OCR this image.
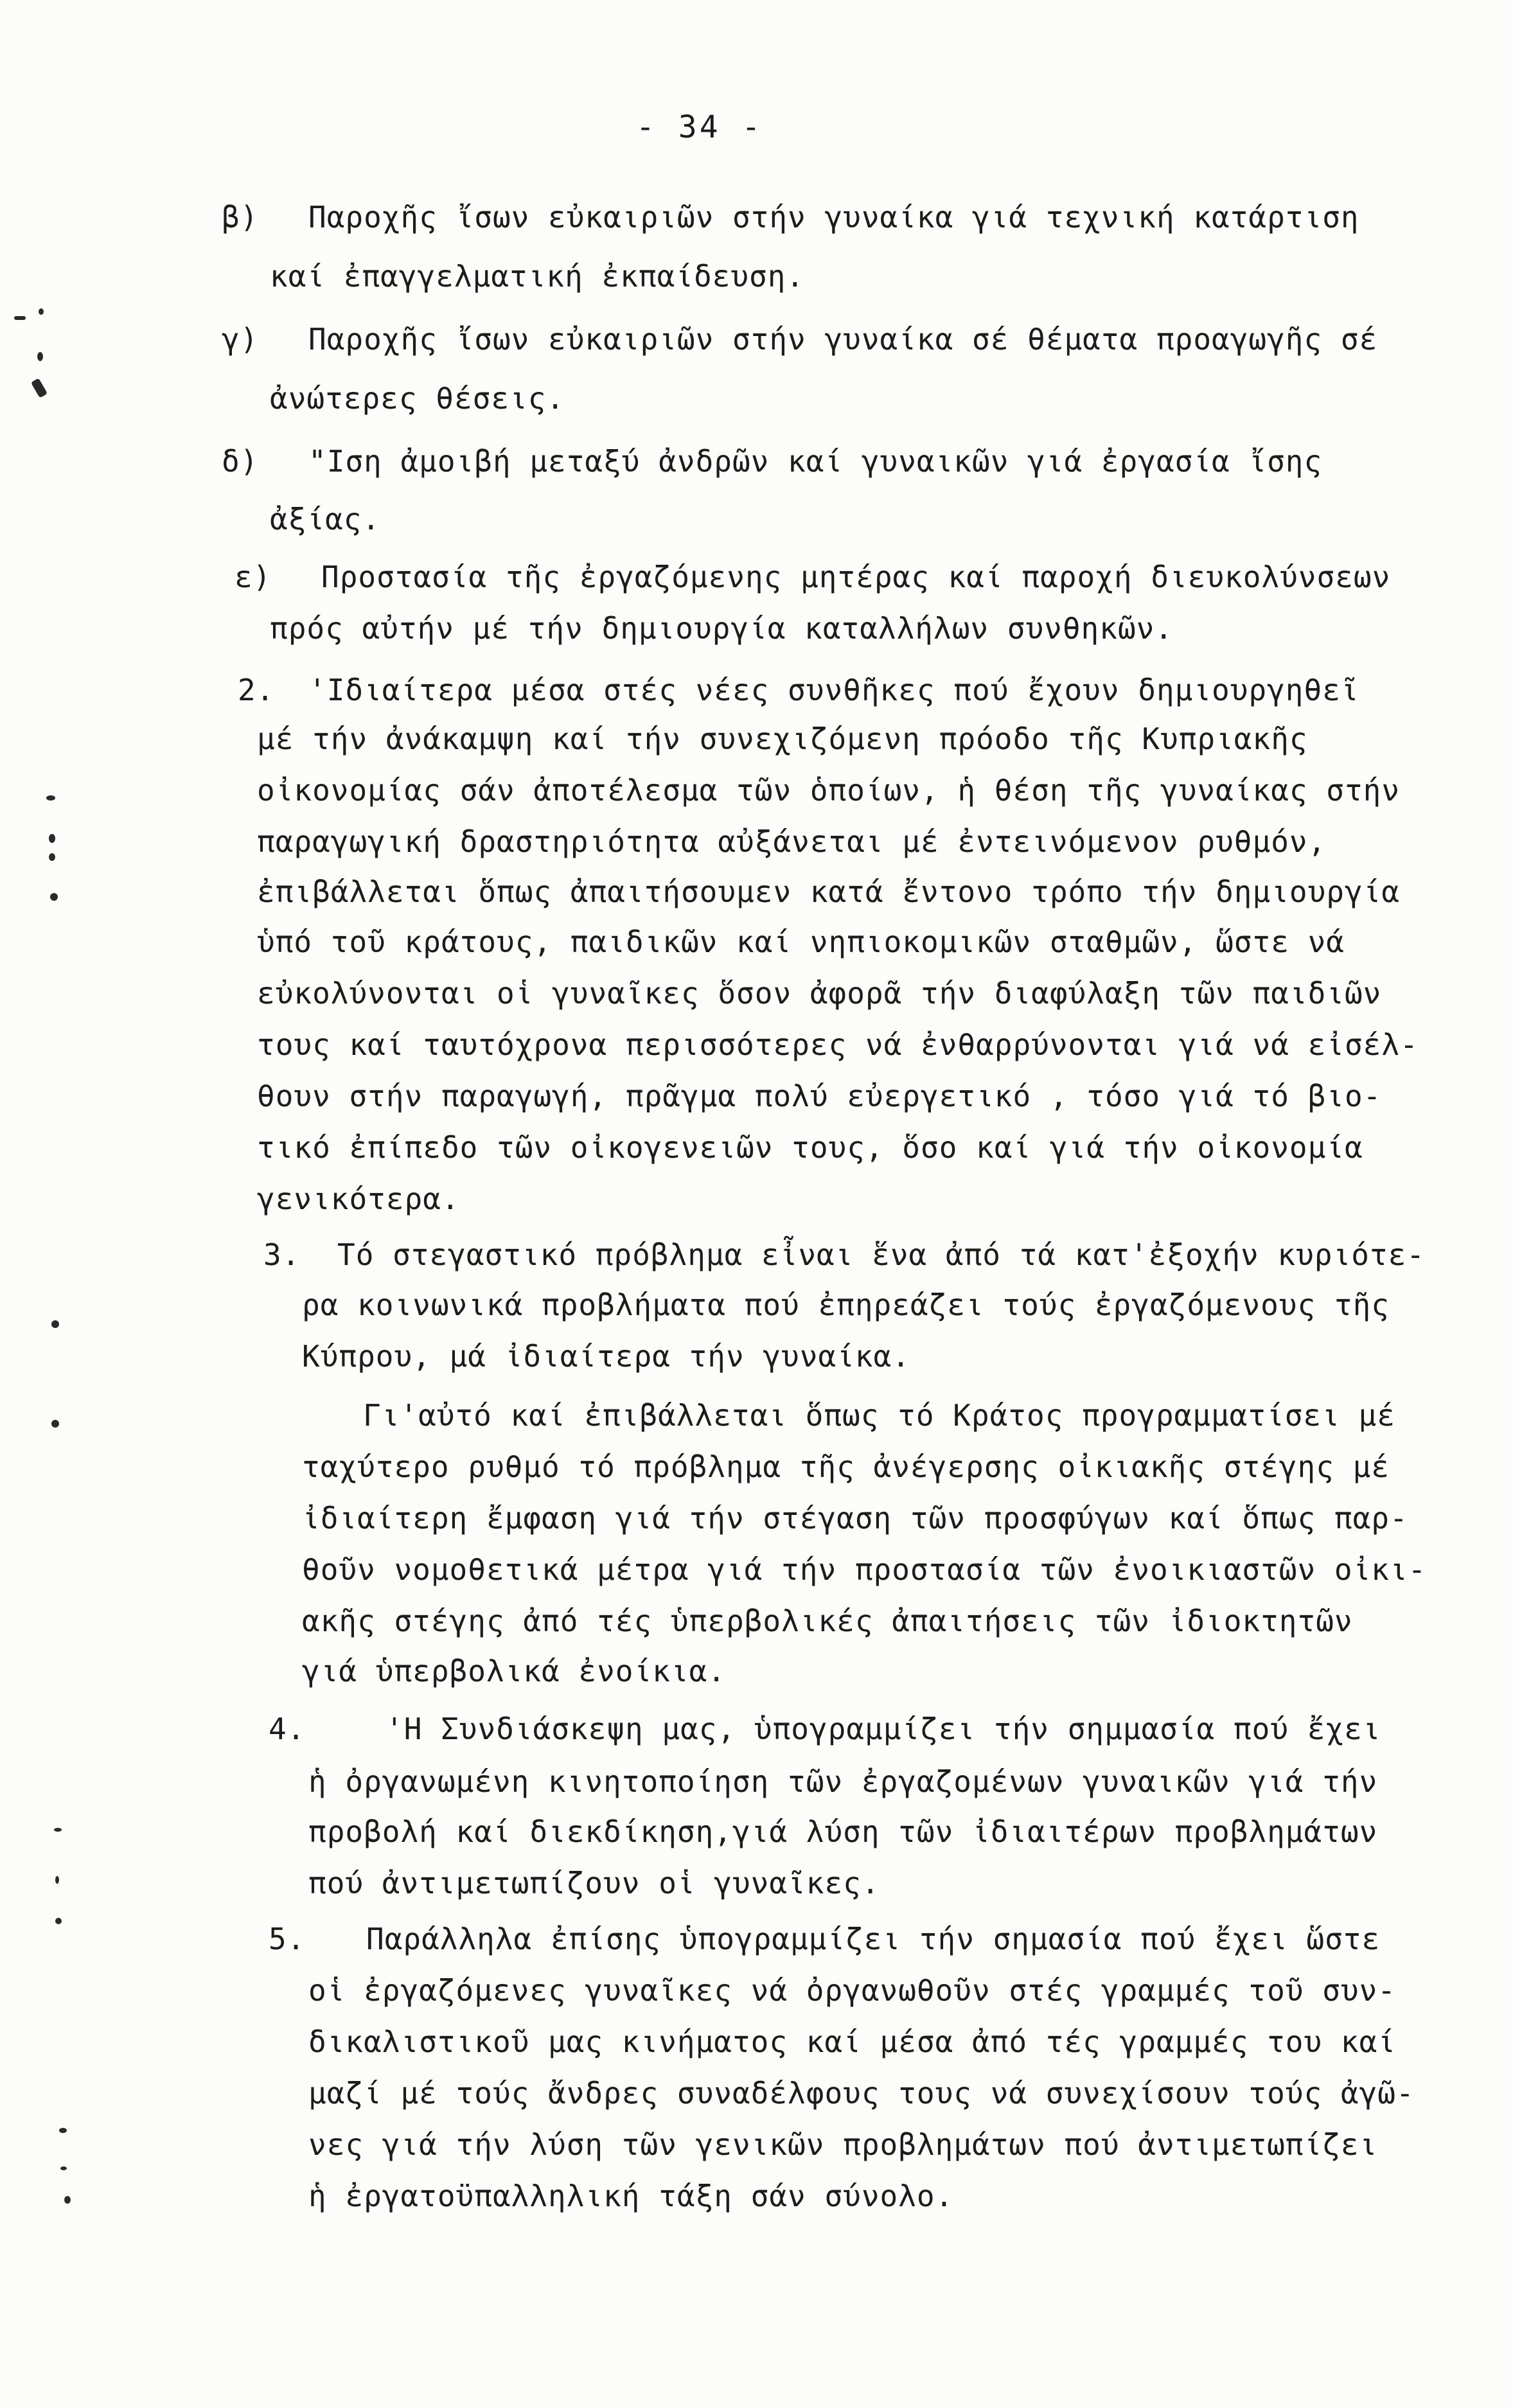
- 34 -
β) Παροχῆς ἴσων εὐκαιριῶν στήν γυναίκα γιά τεχνική κατάρτιση
καί ἐπαγγελματική ἐκπαίδευση.
γ) Παροχῆς ἴσων εὐκαιριῶν στήν γυναίκα σέ θέματα προαγωγῆς σέ
ἀνώτερες θέσεις.
δ) "Ιση ἀμοιβή μεταξύ ἀνδρῶν καί γυναικῶν γιά ἐργασία ἴσης
ἀξίας.
ε) Προστασία τῆς ἐργαζόμενης μητέρας καί παροχή διευκολύνσεων
πρός αὐτήν μέ τήν δημιουργία καταλλήλων συνθηκῶν.
2. 'Ιδιαίτερα μέσα στές νέες συνθῆκες πού ἔχουν δημιουργηθεῖ
μέ τήν ἀνάκαμψη καί τήν συνεχιζόμενη πρόοδο τῆς Κυπριακῆς
οἰκονομίας σάν ἀποτέλεσμα τῶν ὁποίων, ἡ θέση τῆς γυναίκας στήν
παραγωγική δραστηριότητα αὐξάνεται μέ ἐντεινόμενον ρυθμόν,
ἐπιβάλλεται ὅπως ἀπαιτήσουμεν κατά ἔντονο τρόπο τήν δημιουργία
ὑπό τοῦ κράτους, παιδικῶν καί νηπιοκομικῶν σταθμῶν, ὥστε νά
εὐκολύνονται οἱ γυναῖκες ὅσον ἀφορᾶ τήν διαφύλαξη τῶν παιδιῶν
τους καί ταυτόχρονα περισσότερες νά ἐνθαρρύνονται γιά νά εἰσέλ-
θουν στήν παραγωγή, πρᾶγμα πολύ εὐεργετικό , τόσο γιά τό βιο-
τικό ἐπίπεδο τῶν οἰκογενειῶν τους, ὅσο καί γιά τήν οἰκονομία
γενικότερα.
3. Τό στεγαστικό πρόβλημα εἶναι ἕνα ἀπό τά κατ'ἐξοχήν κυριότε-
ρα κοινωνικά προβλήματα πού ἐπηρεάζει τούς ἐργαζόμενους τῆς
Κύπρου, μά ἰδιαίτερα τήν γυναίκα.
Γι'αὐτό καί ἐπιβάλλεται ὅπως τό Κράτος προγραμματίσει μέ
ταχύτερο ρυθμό τό πρόβλημα τῆς ἀνέγερσης οἰκιακῆς στέγης μέ
ἰδιαίτερη ἔμφαση γιά τήν στέγαση τῶν προσφύγων καί ὅπως παρ-
θοῦν νομοθετικά μέτρα γιά τήν προστασία τῶν ἐνοικιαστῶν οἰκι-
ακῆς στέγης ἀπό τές ὑπερβολικές ἀπαιτήσεις τῶν ἰδιοκτητῶν
γιά ὑπερβολικά ἐνοίκια.
4.	'Η Συνδιάσκεψη μας, ὑπογραμμίζει τήν σημμασία πού ἔχει
ἡ ὀργανωμένη κινητοποίηση τῶν ἐργαζομένων γυναικῶν γιά τήν
προβολή καί διεκδίκηση,γιά λύση τῶν ἰδιαιτέρων προβλημάτων
πού ἀντιμετωπίζουν οἱ γυναῖκες.
5. Παράλληλα ἐπίσης ὑπογραμμίζει τήν σημασία πού ἔχει ὥστε
οἱ ἐργαζόμενες γυναῖκες νά ὀργανωθοῦν στές γραμμές τοῦ συν-
δικαλιστικοῦ μας κινήματος καί μέσα ἀπό τές γραμμές του καί
μαζί μέ τούς ἄνδρες συναδέλφους τους νά συνεχίσουν τούς ἀγῶ-
νες γιά τήν λύση τῶν γενικῶν προβλημάτων πού ἀντιμετωπίζει
ἡ ἐργατοϋπαλληλική τάξη σάν σύνολο.
